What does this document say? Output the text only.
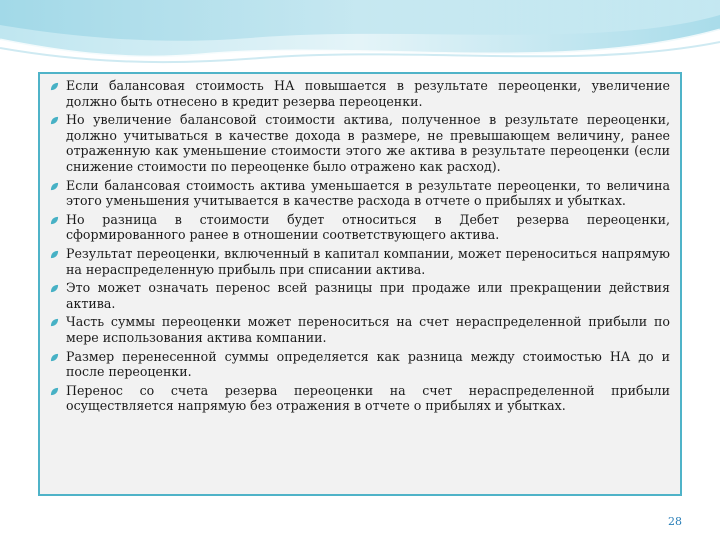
Если балансовая стоимость НА повышается в результате переоценки, увеличение должно быть отнесено в кредит резерва переоценки.
Но увеличение балансовой стоимости актива, полученное в результате переоценки, должно учитываться в качестве дохода в размере, не превышающем величину, ранее отраженную как уменьшение стоимости этого же актива в результате переоценки (если снижение стоимости по переоценке было отражено как расход).
Если балансовая стоимость актива уменьшается в результате переоценки, то величина этого уменьшения учитывается в качестве расхода в отчете о прибылях и убытках.
Но разница в стоимости будет относиться в Дебет резерва переоценки, сформированного ранее в отношении соответствующего актива.
Результат переоценки, включенный в капитал компании, может переноситься напрямую на нераспределенную прибыль при списании актива.
Это может означать перенос всей разницы при продаже или прекращении действия актива.
Часть суммы переоценки может переноситься на счет нераспределенной прибыли по мере использования актива компании.
Размер перенесенной суммы определяется как разница между стоимостью НА до и после переоценки.
Перенос со счета резерва переоценки на счет нераспределенной прибыли осуществляется напрямую без отражения в отчете о прибылях и убытках.
28
